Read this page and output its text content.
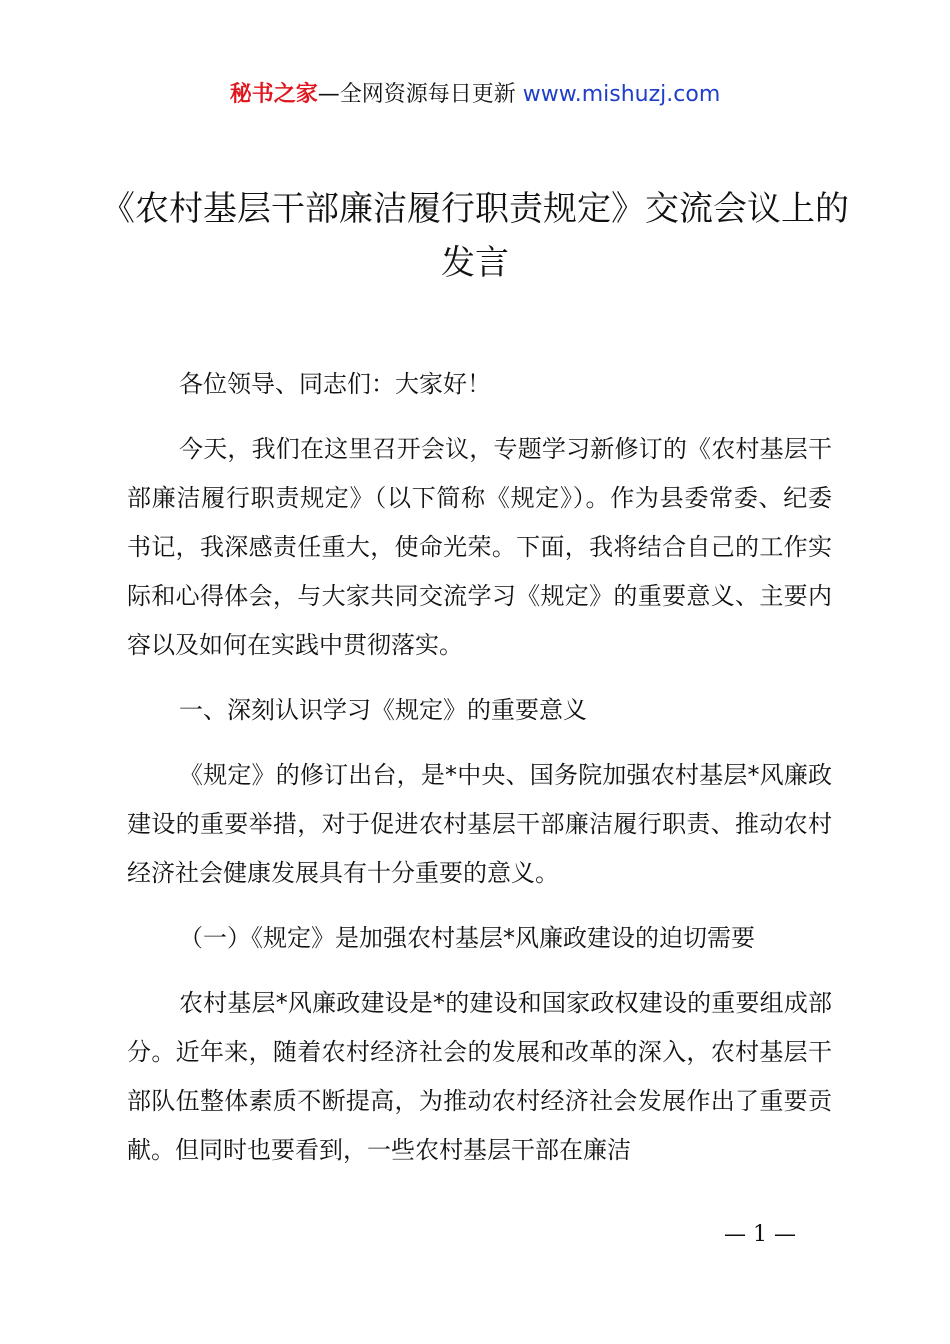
秘书之家—全网资源每日更新 www.mishuzj.com
《农村基层干部廉洁履行职责规定》交流会议上的发言

各位领导、同志们：大家好！

今天，我们在这里召开会议，专题学习新修订的《农村基层干部廉洁履行职责规定》（以下简称《规定》）。作为县委常委、纪委书记，我深感责任重大，使命光荣。下面，我将结合自己的工作实际和心得体会，与大家共同交流学习《规定》的重要意义、主要内容以及如何在实践中贯彻落实。

一、深刻认识学习《规定》的重要意义

《规定》的修订出台，是*中央、国务院加强农村基层*风廉政建设的重要举措，对于促进农村基层干部廉洁履行职责、推动农村经济社会健康发展具有十分重要的意义。

（一）《规定》是加强农村基层*风廉政建设的迫切需要

农村基层*风廉政建设是*的建设和国家政权建设的重要组成部分。近年来，随着农村经济社会的发展和改革的深入，农村基层干部队伍整体素质不断提高，为推动农村经济社会发展作出了重要贡献。但同时也要看到，一些农村基层干部在廉洁

— 1 —
